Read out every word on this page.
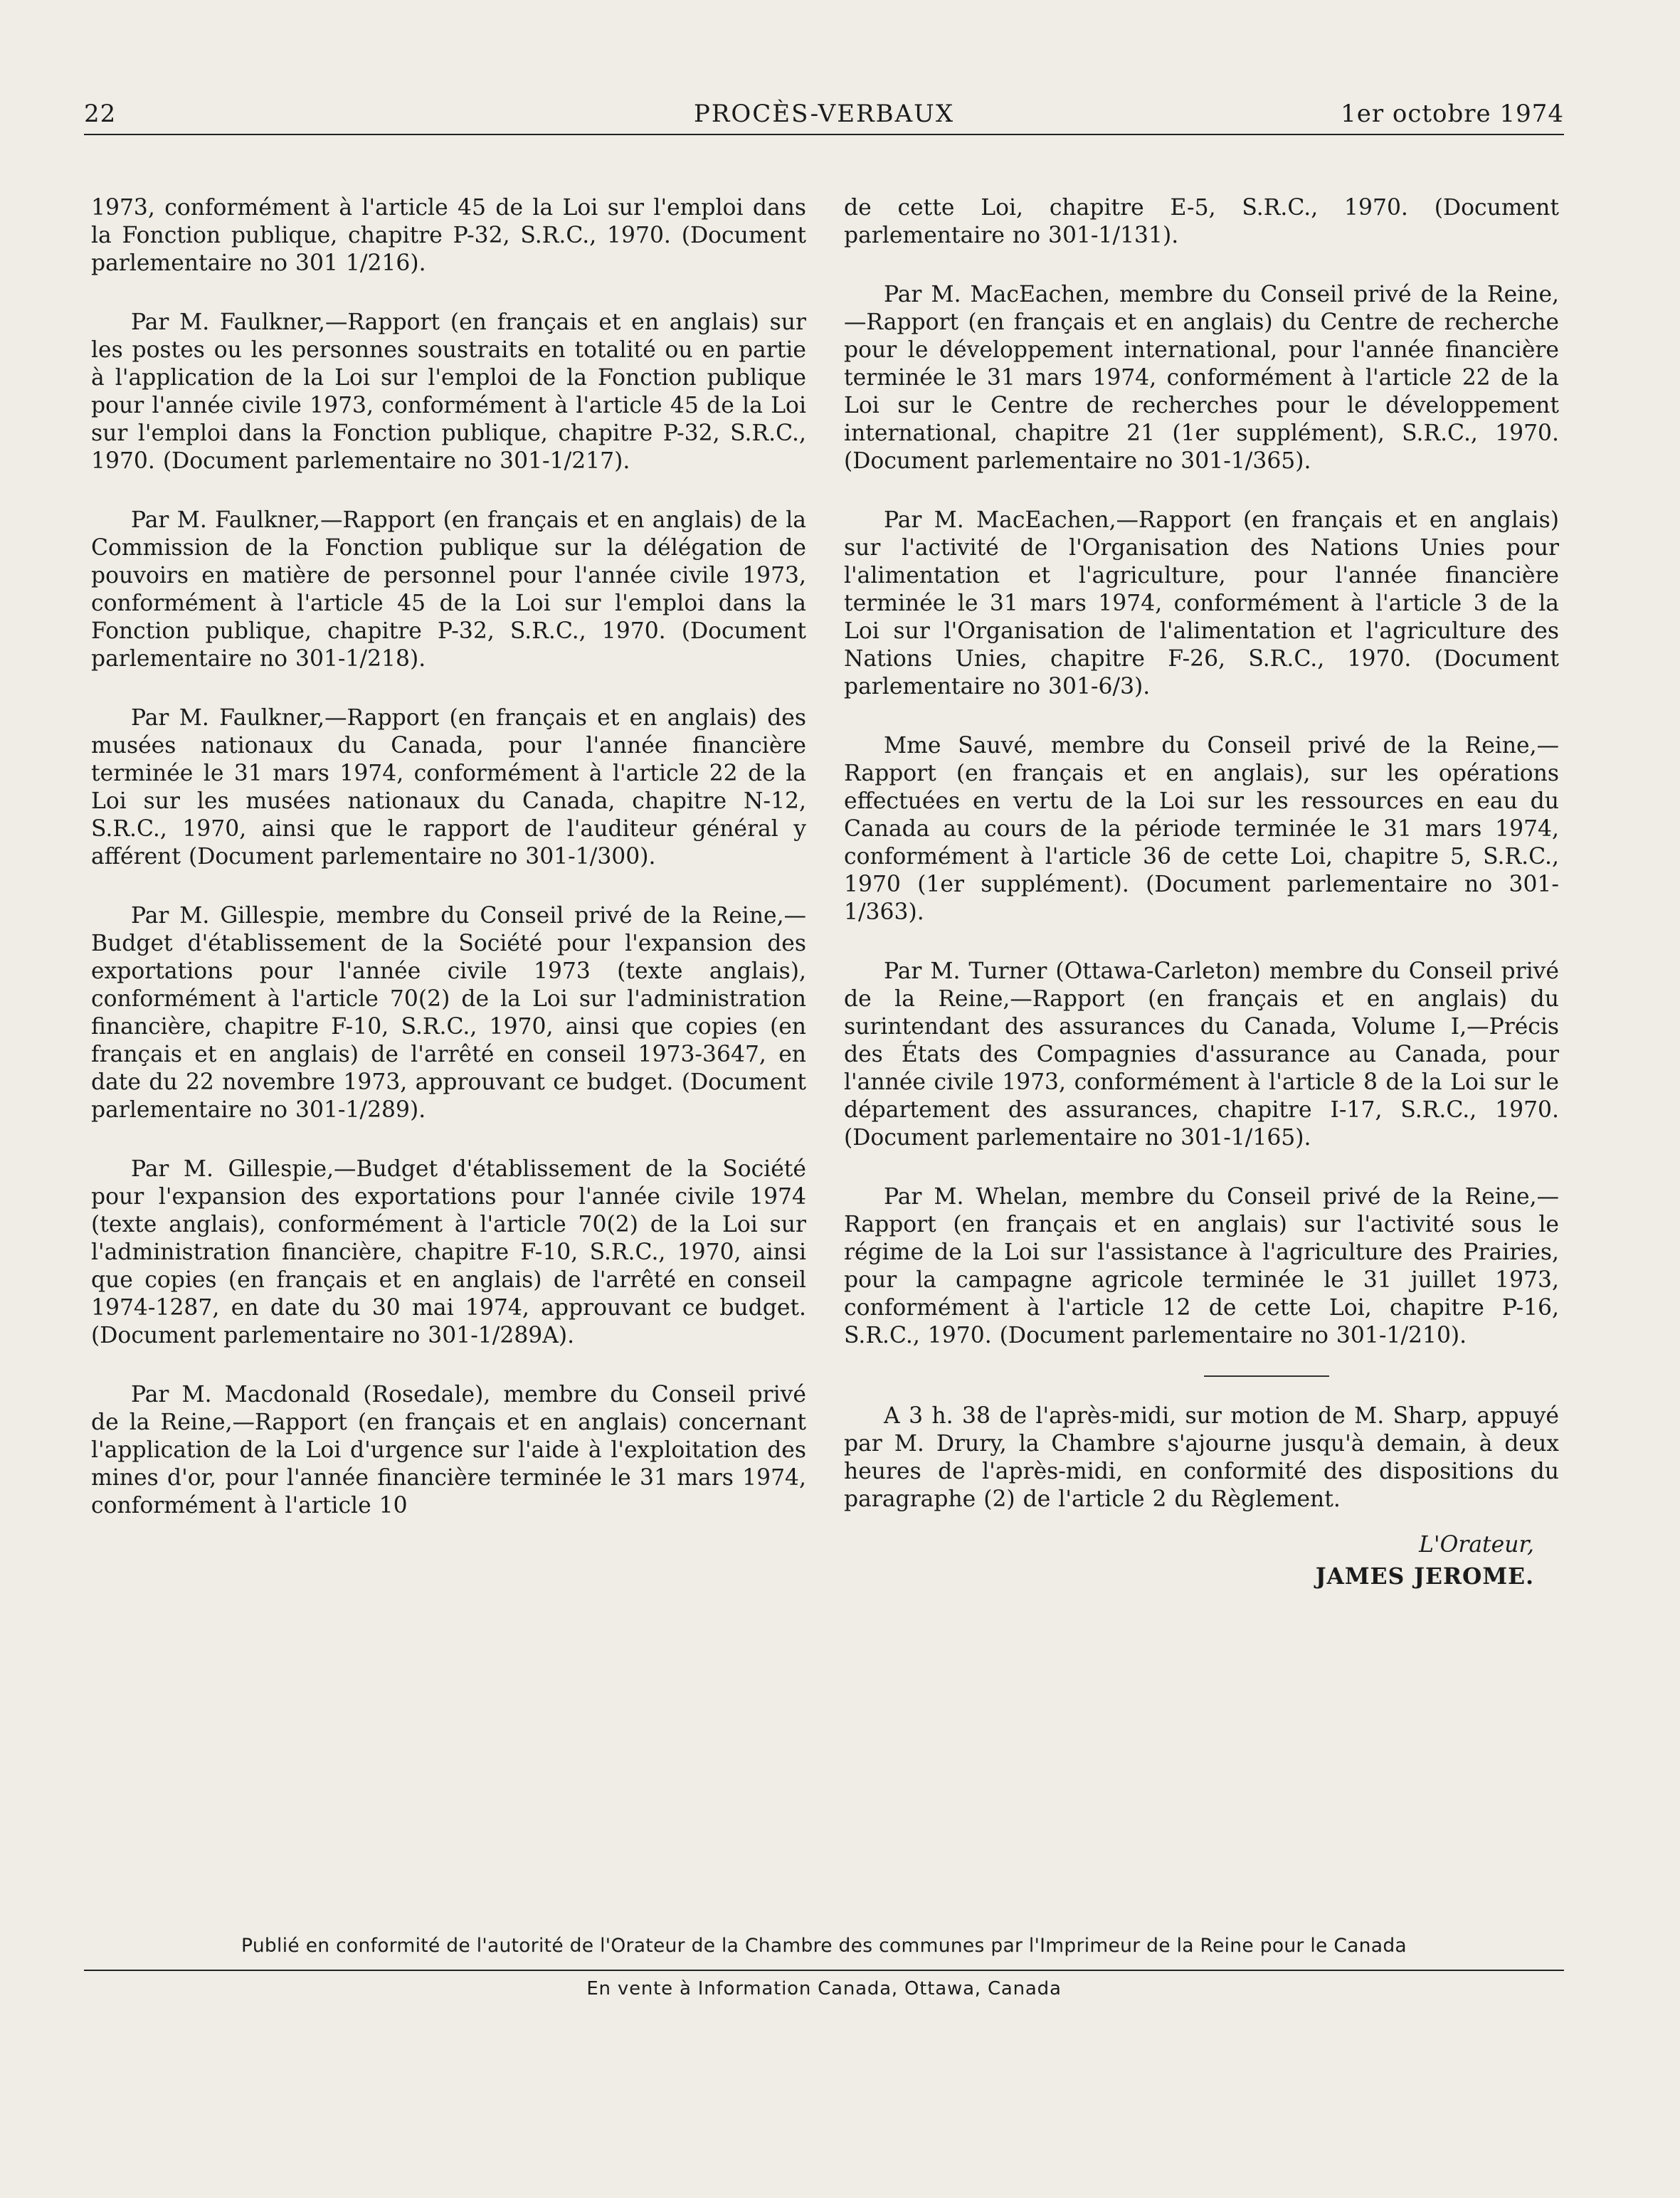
22	PROCÈS-VERBAUX	1er octobre 1974

1973, conformément à l'article 45 de la Loi sur l'emploi dans la Fonction publique, chapitre P-32, S.R.C., 1970. (Document parlementaire no 301 1/216).

Par M. Faulkner,—Rapport (en français et en anglais) sur les postes ou les personnes soustraits en totalité ou en partie à l'application de la Loi sur l'emploi de la Fonction publique pour l'année civile 1973, conformément à l'article 45 de la Loi sur l'emploi dans la Fonction publique, chapitre P-32, S.R.C., 1970. (Document parlementaire no 301-1/217).

Par M. Faulkner,—Rapport (en français et en anglais) de la Commission de la Fonction publique sur la délégation de pouvoirs en matière de personnel pour l'année civile 1973, conformément à l'article 45 de la Loi sur l'emploi dans la Fonction publique, chapitre P-32, S.R.C., 1970. (Document parlementaire no 301-1/218).

Par M. Faulkner,—Rapport (en français et en anglais) des musées nationaux du Canada, pour l'année financière terminée le 31 mars 1974, conformément à l'article 22 de la Loi sur les musées nationaux du Canada, chapitre N-12, S.R.C., 1970, ainsi que le rapport de l'auditeur général y afférent (Document parlementaire no 301-1/300).

Par M. Gillespie, membre du Conseil privé de la Reine,—Budget d'établissement de la Société pour l'expansion des exportations pour l'année civile 1973 (texte anglais), conformément à l'article 70(2) de la Loi sur l'administration financière, chapitre F-10, S.R.C., 1970, ainsi que copies (en français et en anglais) de l'arrêté en conseil 1973-3647, en date du 22 novembre 1973, approuvant ce budget. (Document parlementaire no 301-1/289).

Par M. Gillespie,—Budget d'établissement de la Société pour l'expansion des exportations pour l'année civile 1974 (texte anglais), conformément à l'article 70(2) de la Loi sur l'administration financière, chapitre F-10, S.R.C., 1970, ainsi que copies (en français et en anglais) de l'arrêté en conseil 1974-1287, en date du 30 mai 1974, approuvant ce budget. (Document parlementaire no 301-1/289A).

Par M. Macdonald (Rosedale), membre du Conseil privé de la Reine,—Rapport (en français et en anglais) concernant l'application de la Loi d'urgence sur l'aide à l'exploitation des mines d'or, pour l'année financière terminée le 31 mars 1974, conformément à l'article 10

de cette Loi, chapitre E-5, S.R.C., 1970. (Document parlementaire no 301-1/131).

Par M. MacEachen, membre du Conseil privé de la Reine,—Rapport (en français et en anglais) du Centre de recherche pour le développement international, pour l'année financière terminée le 31 mars 1974, conformément à l'article 22 de la Loi sur le Centre de recherches pour le développement international, chapitre 21 (1er supplément), S.R.C., 1970. (Document parlementaire no 301-1/365).

Par M. MacEachen,—Rapport (en français et en anglais) sur l'activité de l'Organisation des Nations Unies pour l'alimentation et l'agriculture, pour l'année financière terminée le 31 mars 1974, conformément à l'article 3 de la Loi sur l'Organisation de l'alimentation et l'agriculture des Nations Unies, chapitre F-26, S.R.C., 1970. (Document parlementaire no 301-6/3).

Mme Sauvé, membre du Conseil privé de la Reine,—Rapport (en français et en anglais), sur les opérations effectuées en vertu de la Loi sur les ressources en eau du Canada au cours de la période terminée le 31 mars 1974, conformément à l'article 36 de cette Loi, chapitre 5, S.R.C., 1970 (1er supplément). (Document parlementaire no 301-1/363).

Par M. Turner (Ottawa-Carleton) membre du Conseil privé de la Reine,—Rapport (en français et en anglais) du surintendant des assurances du Canada, Volume I,—Précis des États des Compagnies d'assurance au Canada, pour l'année civile 1973, conformément à l'article 8 de la Loi sur le département des assurances, chapitre I-17, S.R.C., 1970. (Document parlementaire no 301-1/165).

Par M. Whelan, membre du Conseil privé de la Reine,—Rapport (en français et en anglais) sur l'activité sous le régime de la Loi sur l'assistance à l'agriculture des Prairies, pour la campagne agricole terminée le 31 juillet 1973, conformément à l'article 12 de cette Loi, chapitre P-16, S.R.C., 1970. (Document parlementaire no 301-1/210).

A 3 h. 38 de l'après-midi, sur motion de M. Sharp, appuyé par M. Drury, la Chambre s'ajourne jusqu'à demain, à deux heures de l'après-midi, en conformité des dispositions du paragraphe (2) de l'article 2 du Règlement.

L'Orateur,
JAMES JEROME.
Publié en conformité de l'autorité de l'Orateur de la Chambre des communes par l'Imprimeur de la Reine pour le Canada
En vente à Information Canada, Ottawa, Canada
